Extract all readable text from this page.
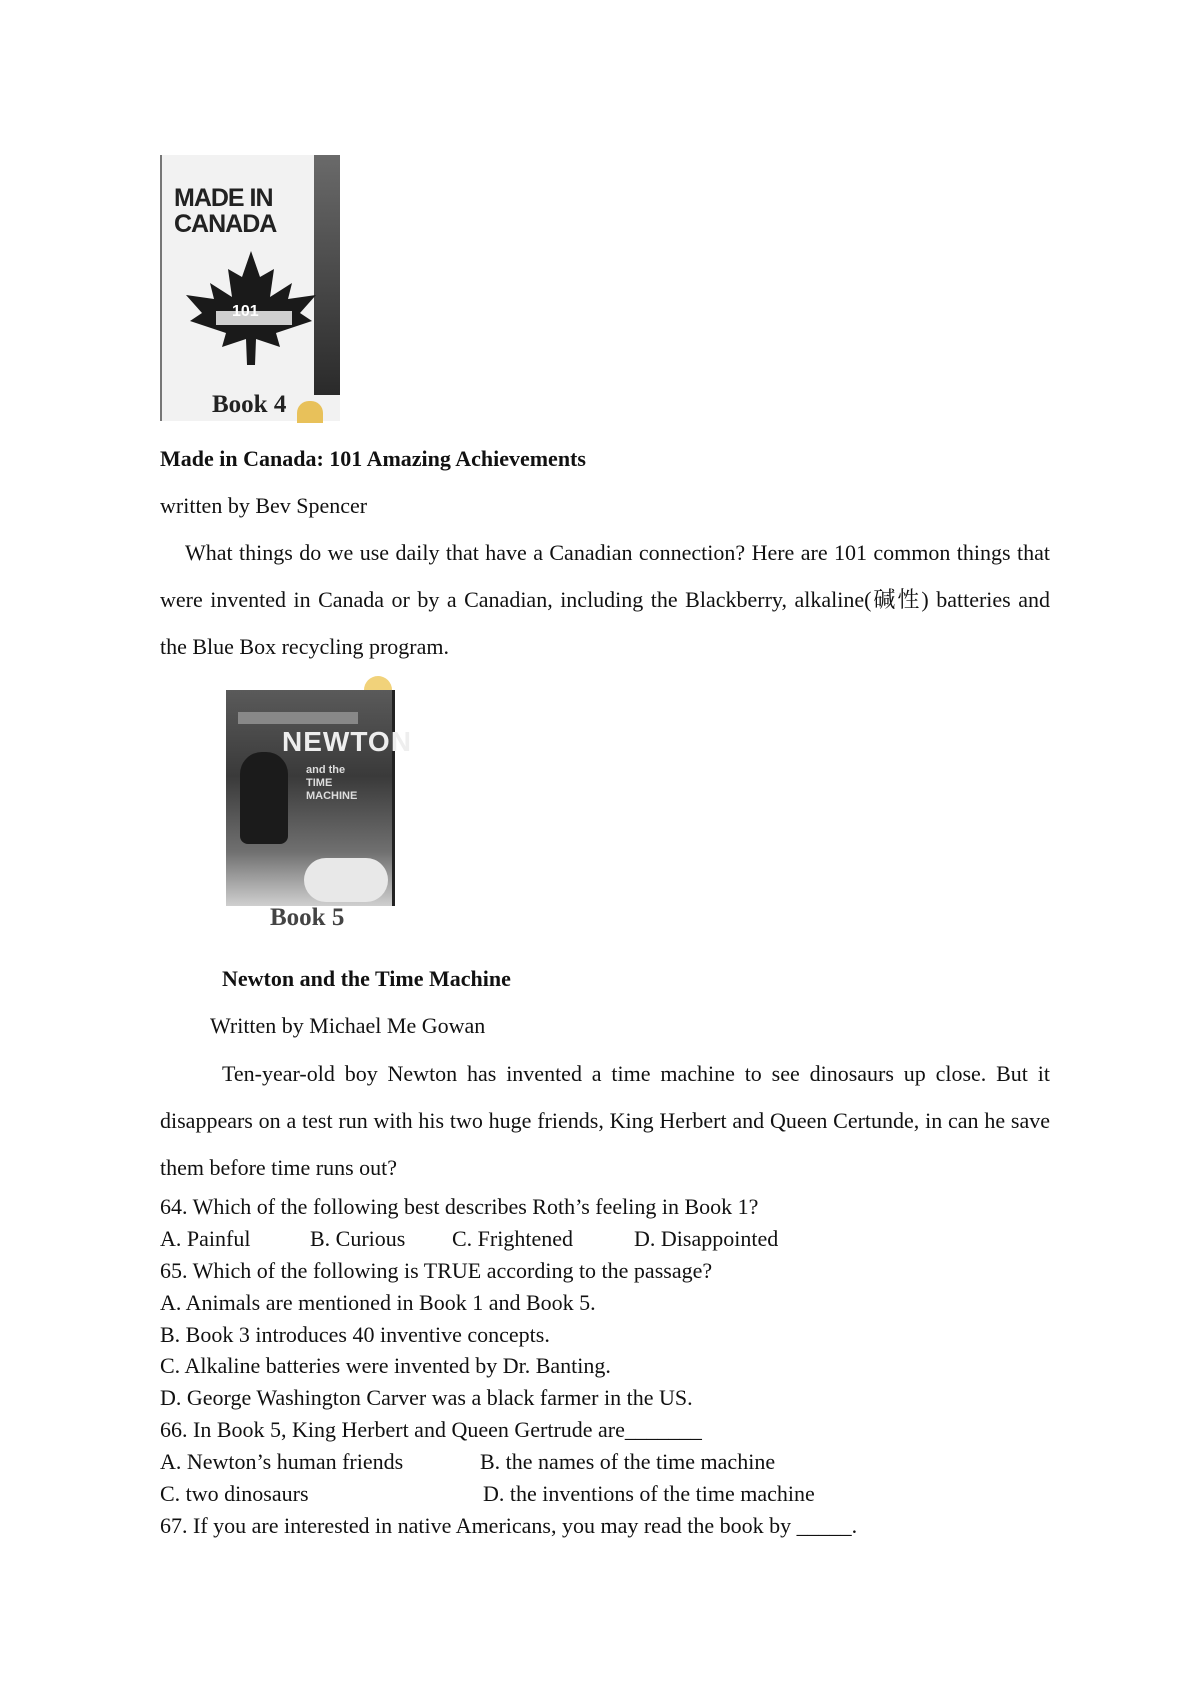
MADE IN
CANADA
101
Book 4
Made in Canada: 101 Amazing Achievements
written by Bev Spencer
What things do we use daily that have a Canadian connection? Here are 101 common things that were invented in Canada or by a Canadian, including the Blackberry, alkaline(碱性) batteries and the Blue Box recycling program.
NEWTON
and the
TIME
MACHINE
Book 5
Newton and the Time Machine
Written by Michael Me Gowan
Ten-year-old boy Newton has invented a time machine to see dinosaurs up close. But it disappears on a test run with his two huge friends, King Herbert and Queen Certunde, in can he save them before time runs out?
64. Which of the following best describes Roth’s feeling in Book 1?
A. Painful	B. Curious C. Frightened	D. Disappointed
65. Which of the following is TRUE according to the passage?
A. Animals are mentioned in Book 1 and Book 5.
B. Book 3 introduces 40 inventive concepts.
C. Alkaline batteries were invented by Dr. Banting.
D. George Washington Carver was a black farmer in the US.
66. In Book 5, King Herbert and Queen Gertrude are_______
A. Newton’s human friends	B. the names of the time machine
C. two dinosaurs	D. the inventions of the time machine
67. If you are interested in native Americans, you may read the book by _____.
